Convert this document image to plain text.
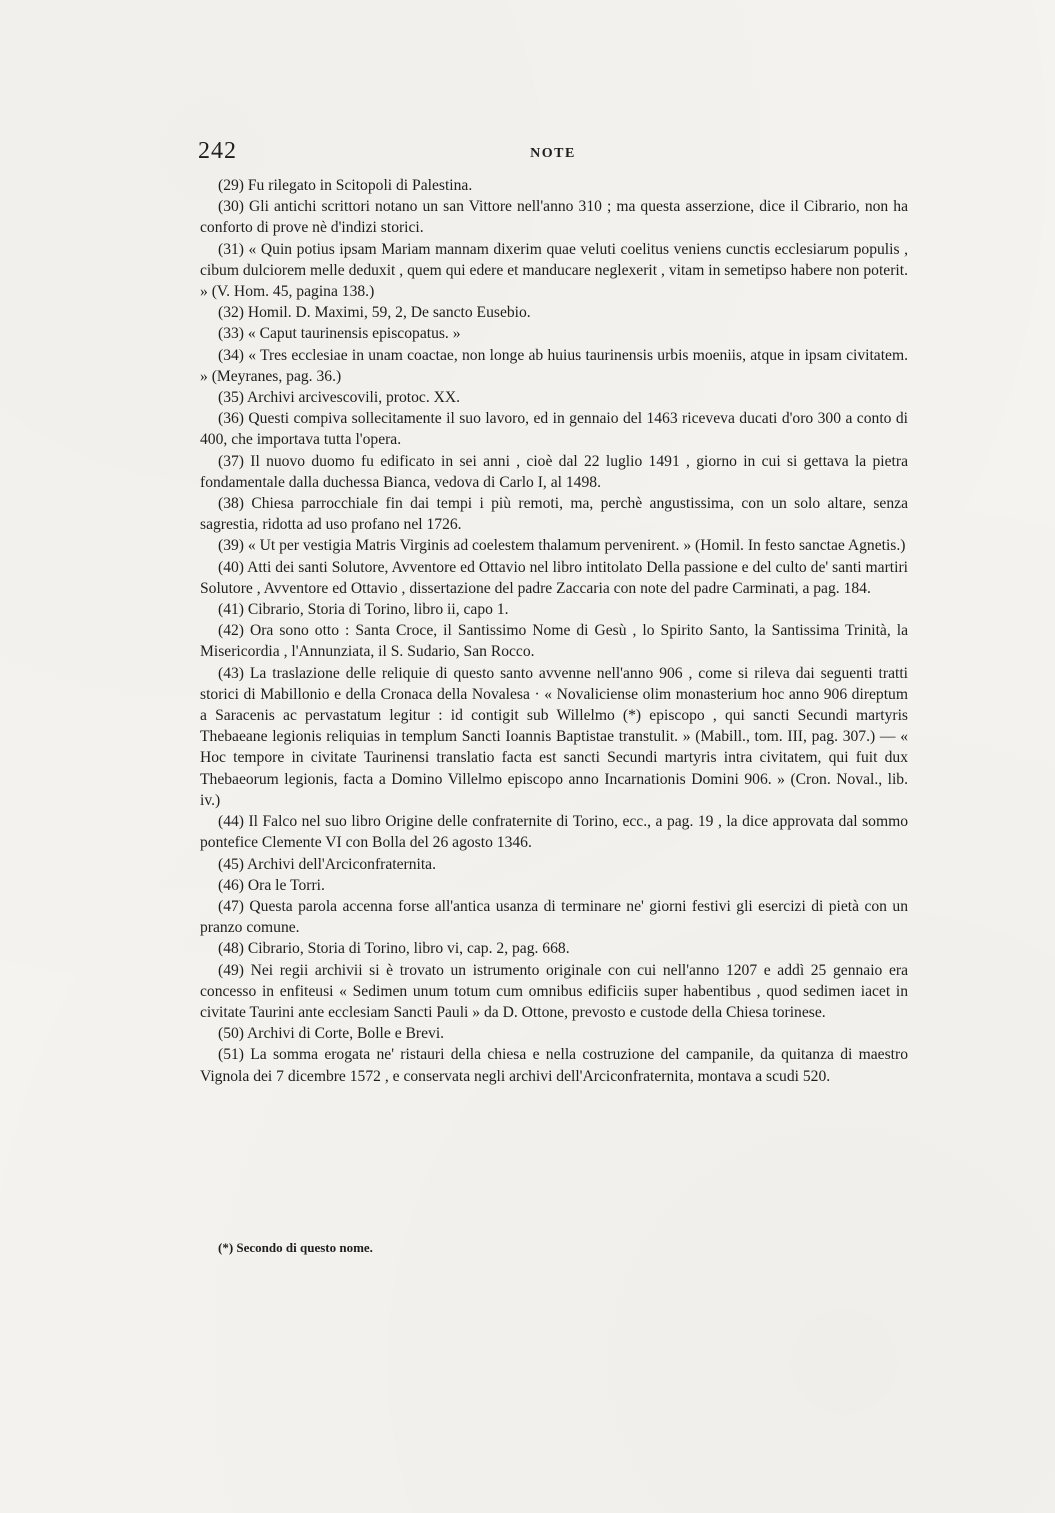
242	NOTE

(29) Fu rilegato in Scitopoli di Palestina.

(30) Gli antichi scrittori notano un san Vittore nell'anno 310 ; ma questa asserzione, dice il Cibrario, non ha conforto di prove nè d'indizi storici.

(31) « Quin potius ipsam Mariam mannam dixerim quae veluti coelitus veniens cunctis ecclesiarum populis , cibum dulciorem melle deduxit , quem qui edere et manducare neglexerit , vitam in semetipso habere non poterit. » (V. Hom. 45, pagina 138.)

(32) Homil. D. Maximi, 59, 2, De sancto Eusebio.

(33) « Caput taurinensis episcopatus. »

(34) « Tres ecclesiae in unam coactae, non longe ab huius taurinensis urbis moeniis, atque in ipsam civitatem. » (Meyranes, pag. 36.)

(35) Archivi arcivescovili, protoc. XX.

(36) Questi compiva sollecitamente il suo lavoro, ed in gennaio del 1463 riceveva ducati d'oro 300 a conto di 400, che importava tutta l'opera.

(37) Il nuovo duomo fu edificato in sei anni , cioè dal 22 luglio 1491 , giorno in cui si gettava la pietra fondamentale dalla duchessa Bianca, vedova di Carlo I, al 1498.

(38) Chiesa parrocchiale fin dai tempi i più remoti, ma, perchè angustissima, con un solo altare, senza sagrestia, ridotta ad uso profano nel 1726.

(39) « Ut per vestigia Matris Virginis ad coelestem thalamum pervenirent. » (Homil. In festo sanctae Agnetis.)

(40) Atti dei santi Solutore, Avventore ed Ottavio nel libro intitolato Della passione e del culto de' santi martiri Solutore , Avventore ed Ottavio , dissertazione del padre Zaccaria con note del padre Carminati, a pag. 184.

(41) Cibrario, Storia di Torino, libro ii, capo 1.

(42) Ora sono otto : Santa Croce, il Santissimo Nome di Gesù , lo Spirito Santo, la Santissima Trinità, la Misericordia , l'Annunziata, il S. Sudario, San Rocco.

(43) La traslazione delle reliquie di questo santo avvenne nell'anno 906 , come si rileva dai seguenti tratti storici di Mabillonio e della Cronaca della Novalesa · « Novaliciense olim monasterium hoc anno 906 direptum a Saracenis ac pervastatum legitur : id contigit sub Willelmo (*) episcopo , qui sancti Secundi martyris Thebaeane legionis reliquias in templum Sancti Ioannis Baptistae transtulit. » (Mabill., tom. III, pag. 307.) — « Hoc tempore in civitate Taurinensi translatio facta est sancti Secundi martyris intra civitatem, qui fuit dux Thebaeorum legionis, facta a Domino Villelmo episcopo anno Incarnationis Domini 906. » (Cron. Noval., lib. iv.)

(44) Il Falco nel suo libro Origine delle confraternite di Torino, ecc., a pag. 19 , la dice approvata dal sommo pontefice Clemente VI con Bolla del 26 agosto 1346.

(45) Archivi dell'Arciconfraternita.

(46) Ora le Torri.

(47) Questa parola accenna forse all'antica usanza di terminare ne' giorni festivi gli esercizi di pietà con un pranzo comune.

(48) Cibrario, Storia di Torino, libro vi, cap. 2, pag. 668.

(49) Nei regii archivii si è trovato un istrumento originale con cui nell'anno 1207 e addì 25 gennaio era concesso in enfiteusi « Sedimen unum totum cum omnibus edificiis super habentibus , quod sedimen iacet in civitate Taurini ante ecclesiam Sancti Pauli » da D. Ottone, prevosto e custode della Chiesa torinese.

(50) Archivi di Corte, Bolle e Brevi.

(51) La somma erogata ne' ristauri della chiesa e nella costruzione del campanile, da quitanza di maestro Vignola dei 7 dicembre 1572 , e conservata negli archivi dell'Arciconfraternita, montava a scudi 520.

(*) Secondo di questo nome.
